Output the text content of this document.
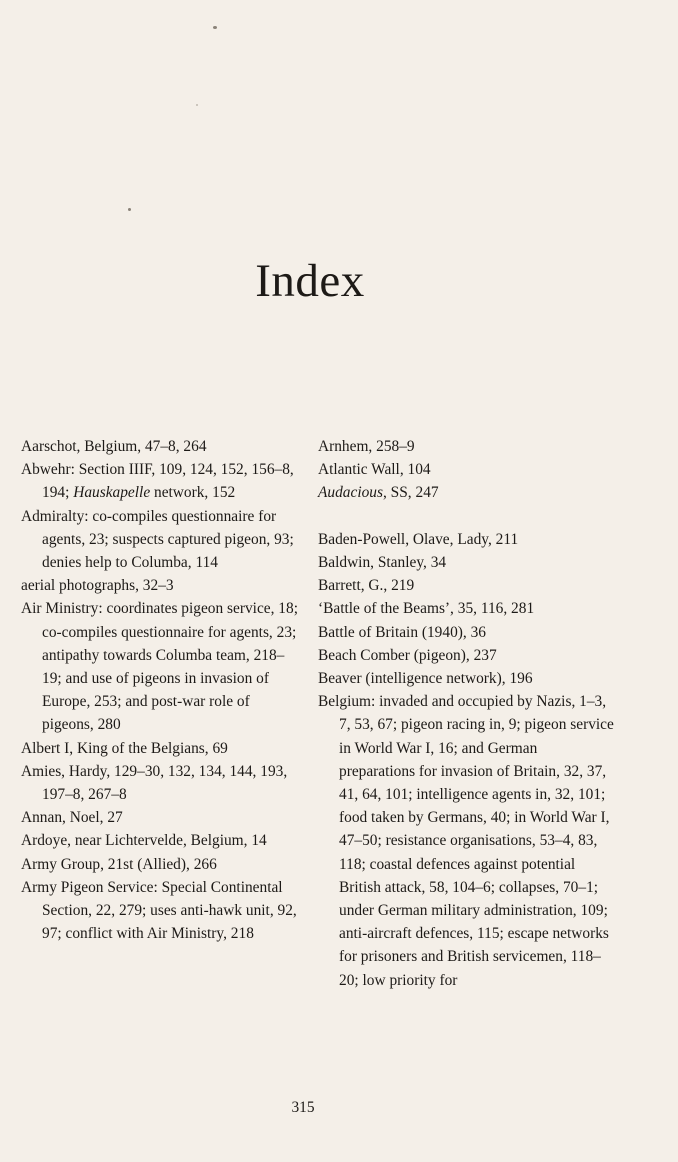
Index

Aarschot, Belgium, 47–8, 264

Abwehr: Section IIIF, 109, 124, 152, 156–8, 194; Hauskapelle network, 152

Admiralty: co-compiles questionnaire for agents, 23; suspects captured pigeon, 93; denies help to Columba, 114

aerial photographs, 32–3

Air Ministry: coordinates pigeon service, 18; co-compiles questionnaire for agents, 23; antipathy towards Columba team, 218–19; and use of pigeons in invasion of Europe, 253; and post-war role of pigeons, 280

Albert I, King of the Belgians, 69

Amies, Hardy, 129–30, 132, 134, 144, 193, 197–8, 267–8

Annan, Noel, 27

Ardoye, near Lichtervelde, Belgium, 14

Army Group, 21st (Allied), 266

Army Pigeon Service: Special Continental Section, 22, 279; uses anti-hawk unit, 92, 97; conflict with Air Ministry, 218

Arnhem, 258–9

Atlantic Wall, 104

Audacious, SS, 247

Baden-Powell, Olave, Lady, 211

Baldwin, Stanley, 34

Barrett, G., 219

‘Battle of the Beams’, 35, 116, 281

Battle of Britain (1940), 36

Beach Comber (pigeon), 237

Beaver (intelligence network), 196

Belgium: invaded and occupied by Nazis, 1–3, 7, 53, 67; pigeon racing in, 9; pigeon service in World War I, 16; and German preparations for invasion of Britain, 32, 37, 41, 64, 101; intelligence agents in, 32, 101; food taken by Germans, 40; in World War I, 47–50; resistance organisations, 53–4, 83, 118; coastal defences against potential British attack, 58, 104–6; collapses, 70–1; under German military administration, 109; anti-aircraft defences, 115; escape networks for prisoners and British servicemen, 118–20; low priority for

315
